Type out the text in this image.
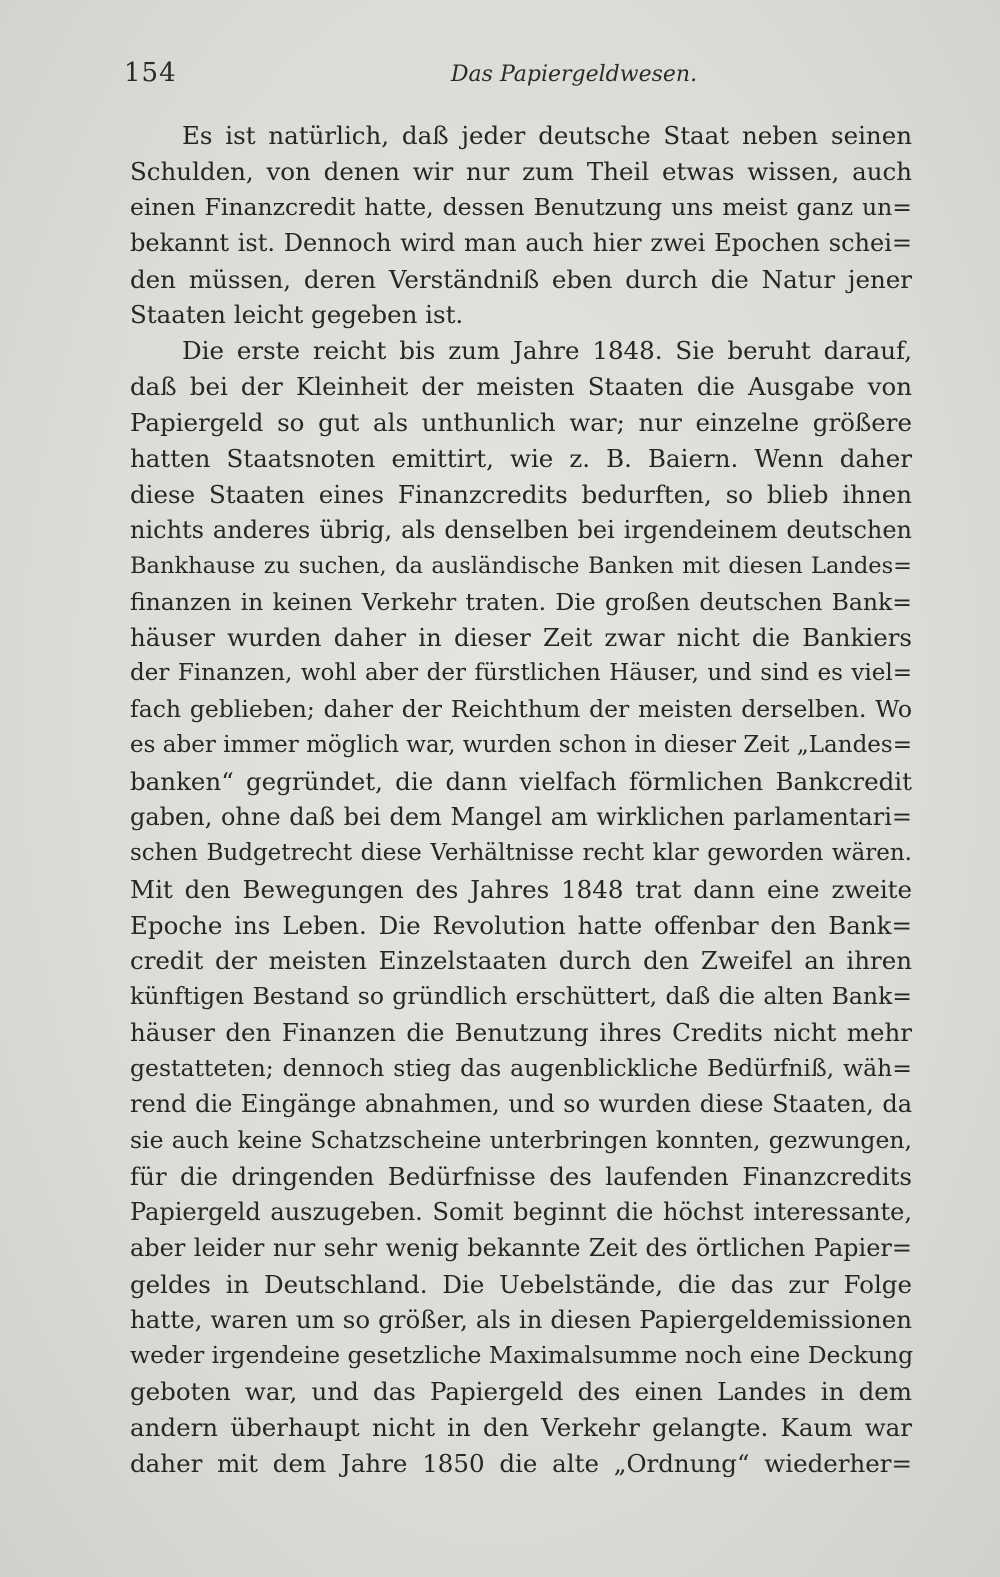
154	Das Papiergeldwesen.
Es ist natürlich, daß jeder deutsche Staat neben seinen
Schulden, von denen wir nur zum Theil etwas wissen, auch
einen Finanzcredit hatte, dessen Benutzung uns meist ganz un=
bekannt ist. Dennoch wird man auch hier zwei Epochen schei=
den müssen, deren Verständniß eben durch die Natur jener
Staaten leicht gegeben ist.
Die erste reicht bis zum Jahre 1848. Sie beruht darauf,
daß bei der Kleinheit der meisten Staaten die Ausgabe von
Papiergeld so gut als unthunlich war; nur einzelne größere
hatten Staatsnoten emittirt, wie z. B. Baiern. Wenn daher
diese Staaten eines Finanzcredits bedurften, so blieb ihnen
nichts anderes übrig, als denselben bei irgendeinem deutschen
Bankhause zu suchen, da ausländische Banken mit diesen Landes=
finanzen in keinen Verkehr traten. Die großen deutschen Bank=
häuser wurden daher in dieser Zeit zwar nicht die Bankiers
der Finanzen, wohl aber der fürstlichen Häuser, und sind es viel=
fach geblieben; daher der Reichthum der meisten derselben. Wo
es aber immer möglich war, wurden schon in dieser Zeit „Landes=
banken“ gegründet, die dann vielfach förmlichen Bankcredit
gaben, ohne daß bei dem Mangel am wirklichen parlamentari=
schen Budgetrecht diese Verhältnisse recht klar geworden wären.
Mit den Bewegungen des Jahres 1848 trat dann eine zweite
Epoche ins Leben. Die Revolution hatte offenbar den Bank=
credit der meisten Einzelstaaten durch den Zweifel an ihren
künftigen Bestand so gründlich erschüttert, daß die alten Bank=
häuser den Finanzen die Benutzung ihres Credits nicht mehr
gestatteten; dennoch stieg das augenblickliche Bedürfniß, wäh=
rend die Eingänge abnahmen, und so wurden diese Staaten, da
sie auch keine Schatzscheine unterbringen konnten, gezwungen,
für die dringenden Bedürfnisse des laufenden Finanzcredits
Papiergeld auszugeben. Somit beginnt die höchst interessante,
aber leider nur sehr wenig bekannte Zeit des örtlichen Papier=
geldes in Deutschland. Die Uebelstände, die das zur Folge
hatte, waren um so größer, als in diesen Papiergeldemissionen
weder irgendeine gesetzliche Maximalsumme noch eine Deckung
geboten war, und das Papiergeld des einen Landes in dem
andern überhaupt nicht in den Verkehr gelangte. Kaum war
daher mit dem Jahre 1850 die alte „Ordnung“ wiederher=
